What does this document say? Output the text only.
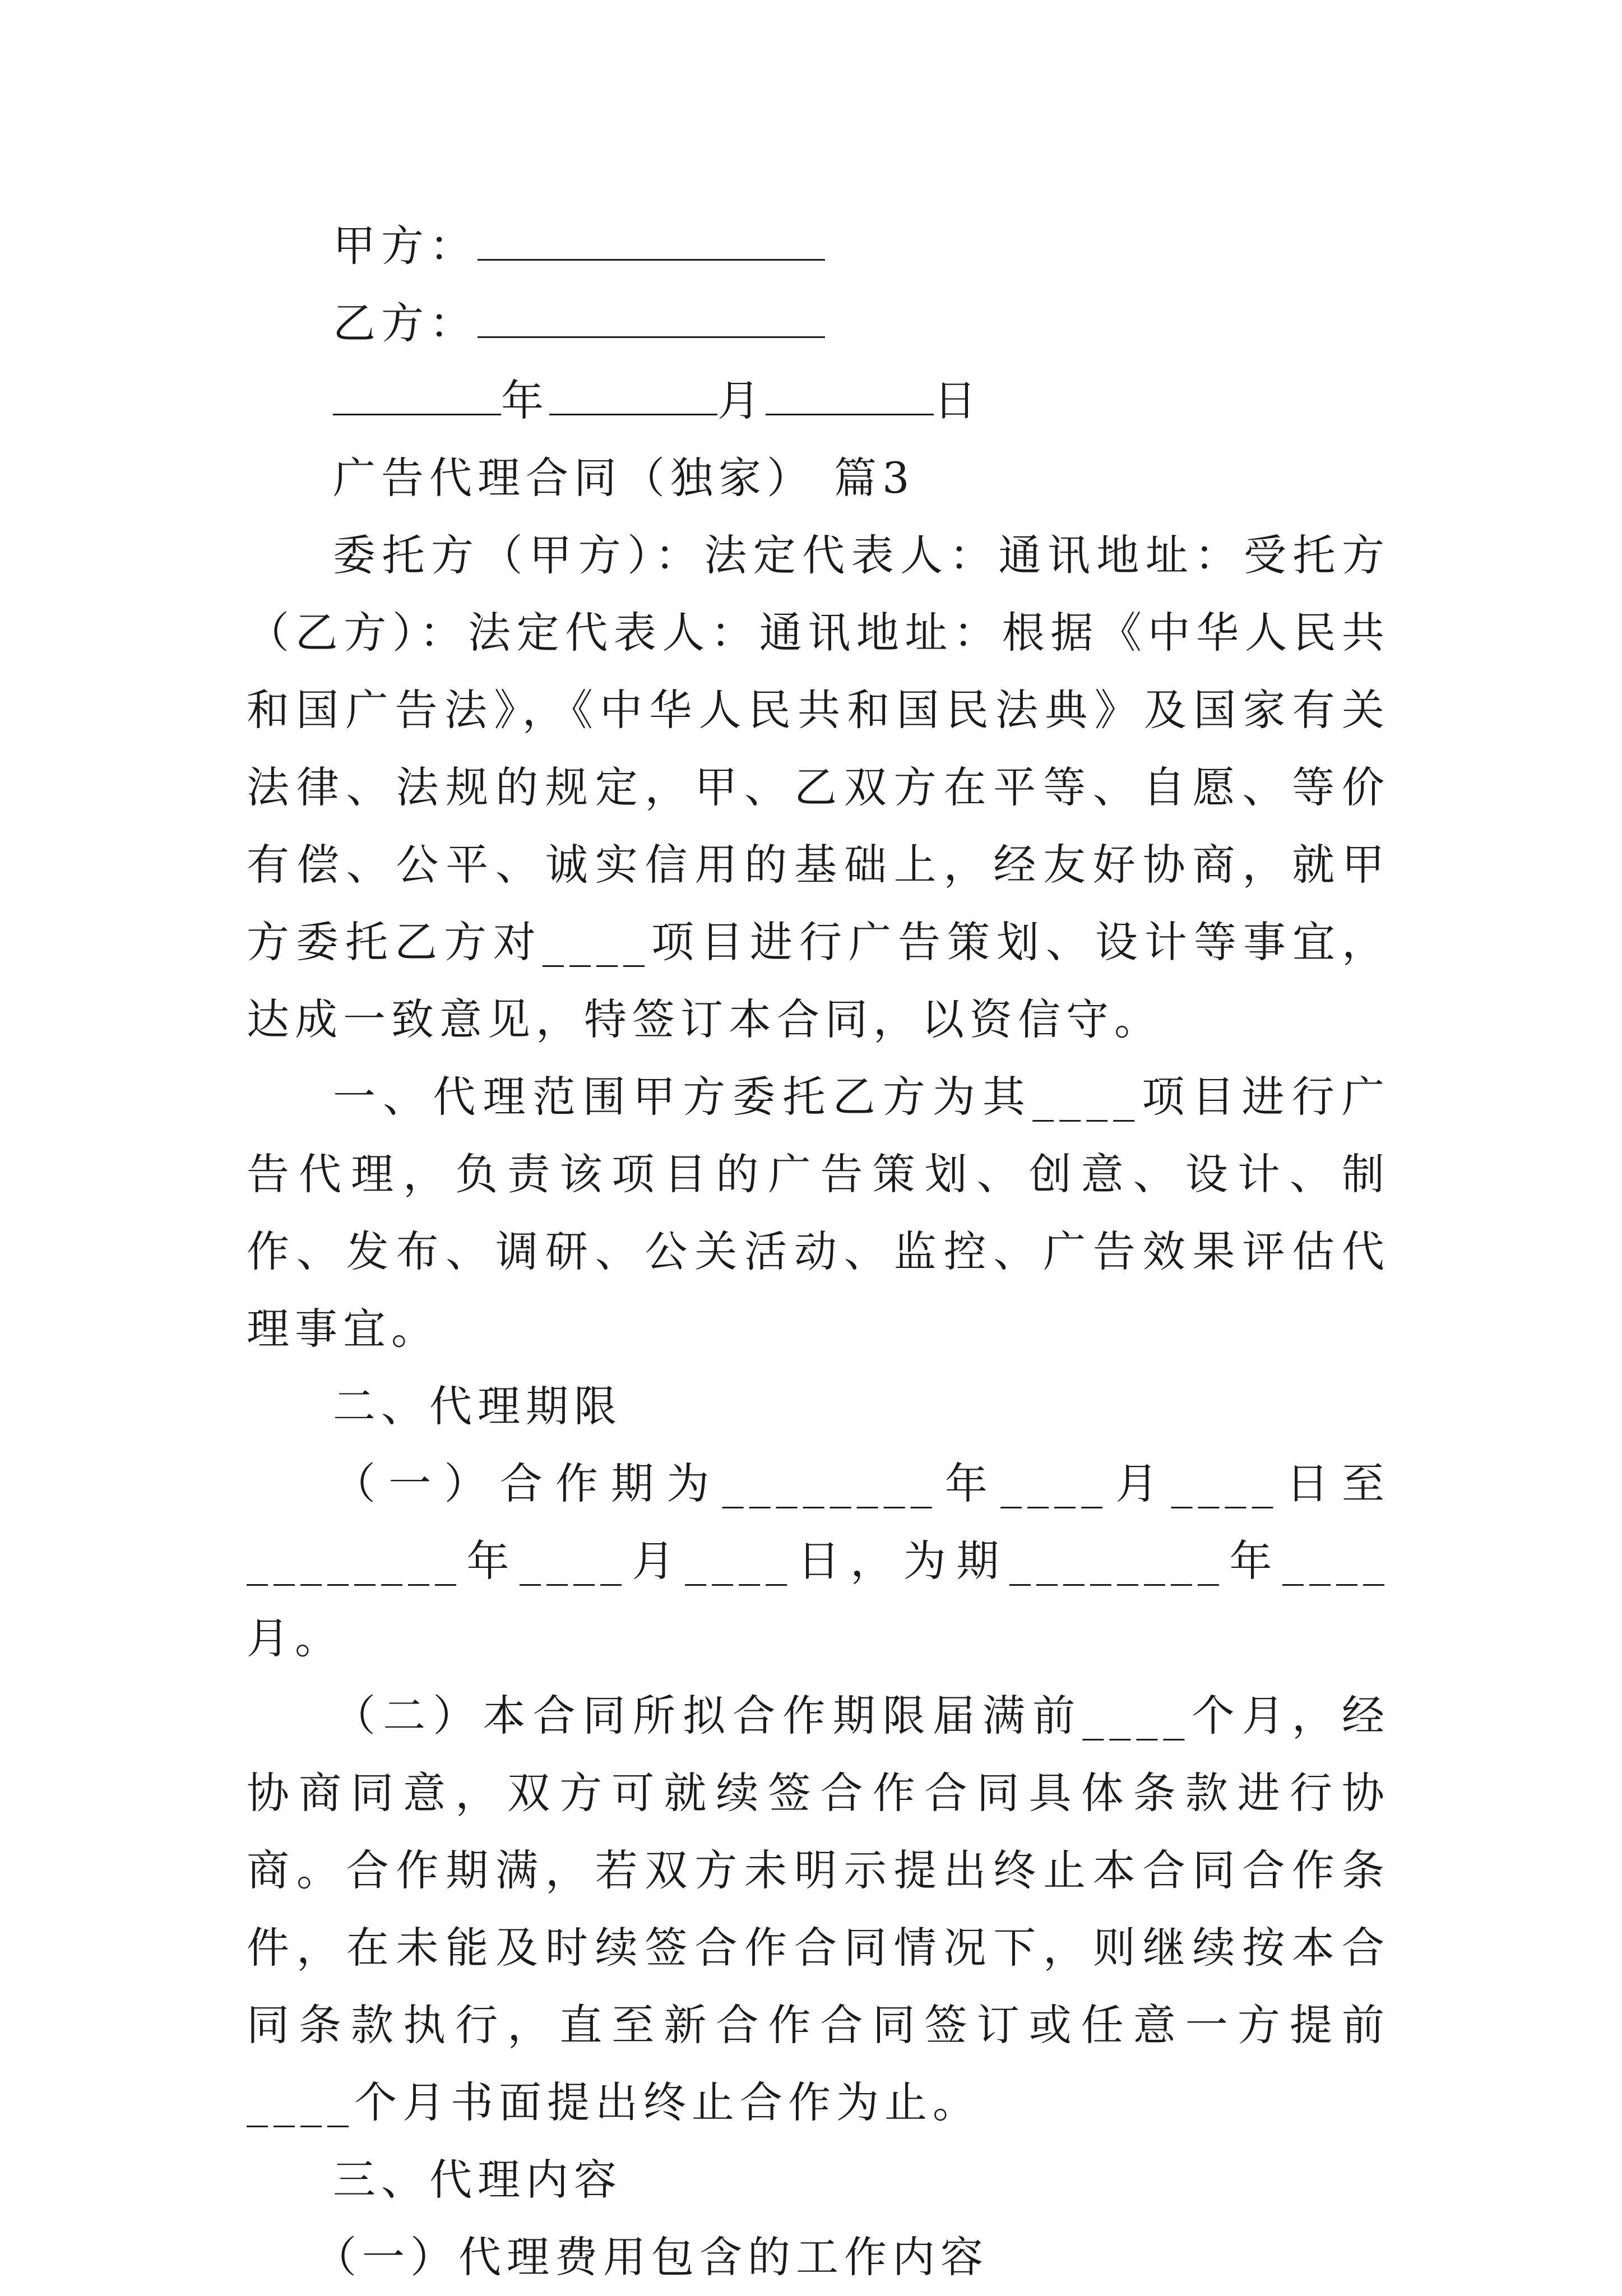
甲方：
乙方：
年	月	日
广告代理合同（独家） 篇3
委托方（甲方）：法定代表人：通讯地址：受托方（乙方）：法定代表人：通讯地址：根据《中华人民共和国广告法》，《中华人民共和国民法典》及国家有关法律、法规的规定，甲、乙双方在平等、自愿、等价有偿、公平、诚实信用的基础上，经友好协商，就甲方委托乙方对____项目进行广告策划、设计等事宜，达成一致意见，特签订本合同，以资信守。
一、代理范围甲方委托乙方为其____项目进行广告代理，负责该项目的广告策划、创意、设计、制作、发布、调研、公关活动、监控、广告效果评估代理事宜。
二、代理期限
（一）合作期为________年____月____日至________年____月____日，为期________年____月。
（二）本合同所拟合作期限届满前____个月，经协商同意，双方可就续签合作合同具体条款进行协商。合作期满，若双方未明示提出终止本合同合作条件，在未能及时续签合作合同情况下，则继续按本合同条款执行，直至新合作合同签订或任意一方提前____个月书面提出终止合作为止。
三、代理内容
（一）代理费用包含的工作内容
